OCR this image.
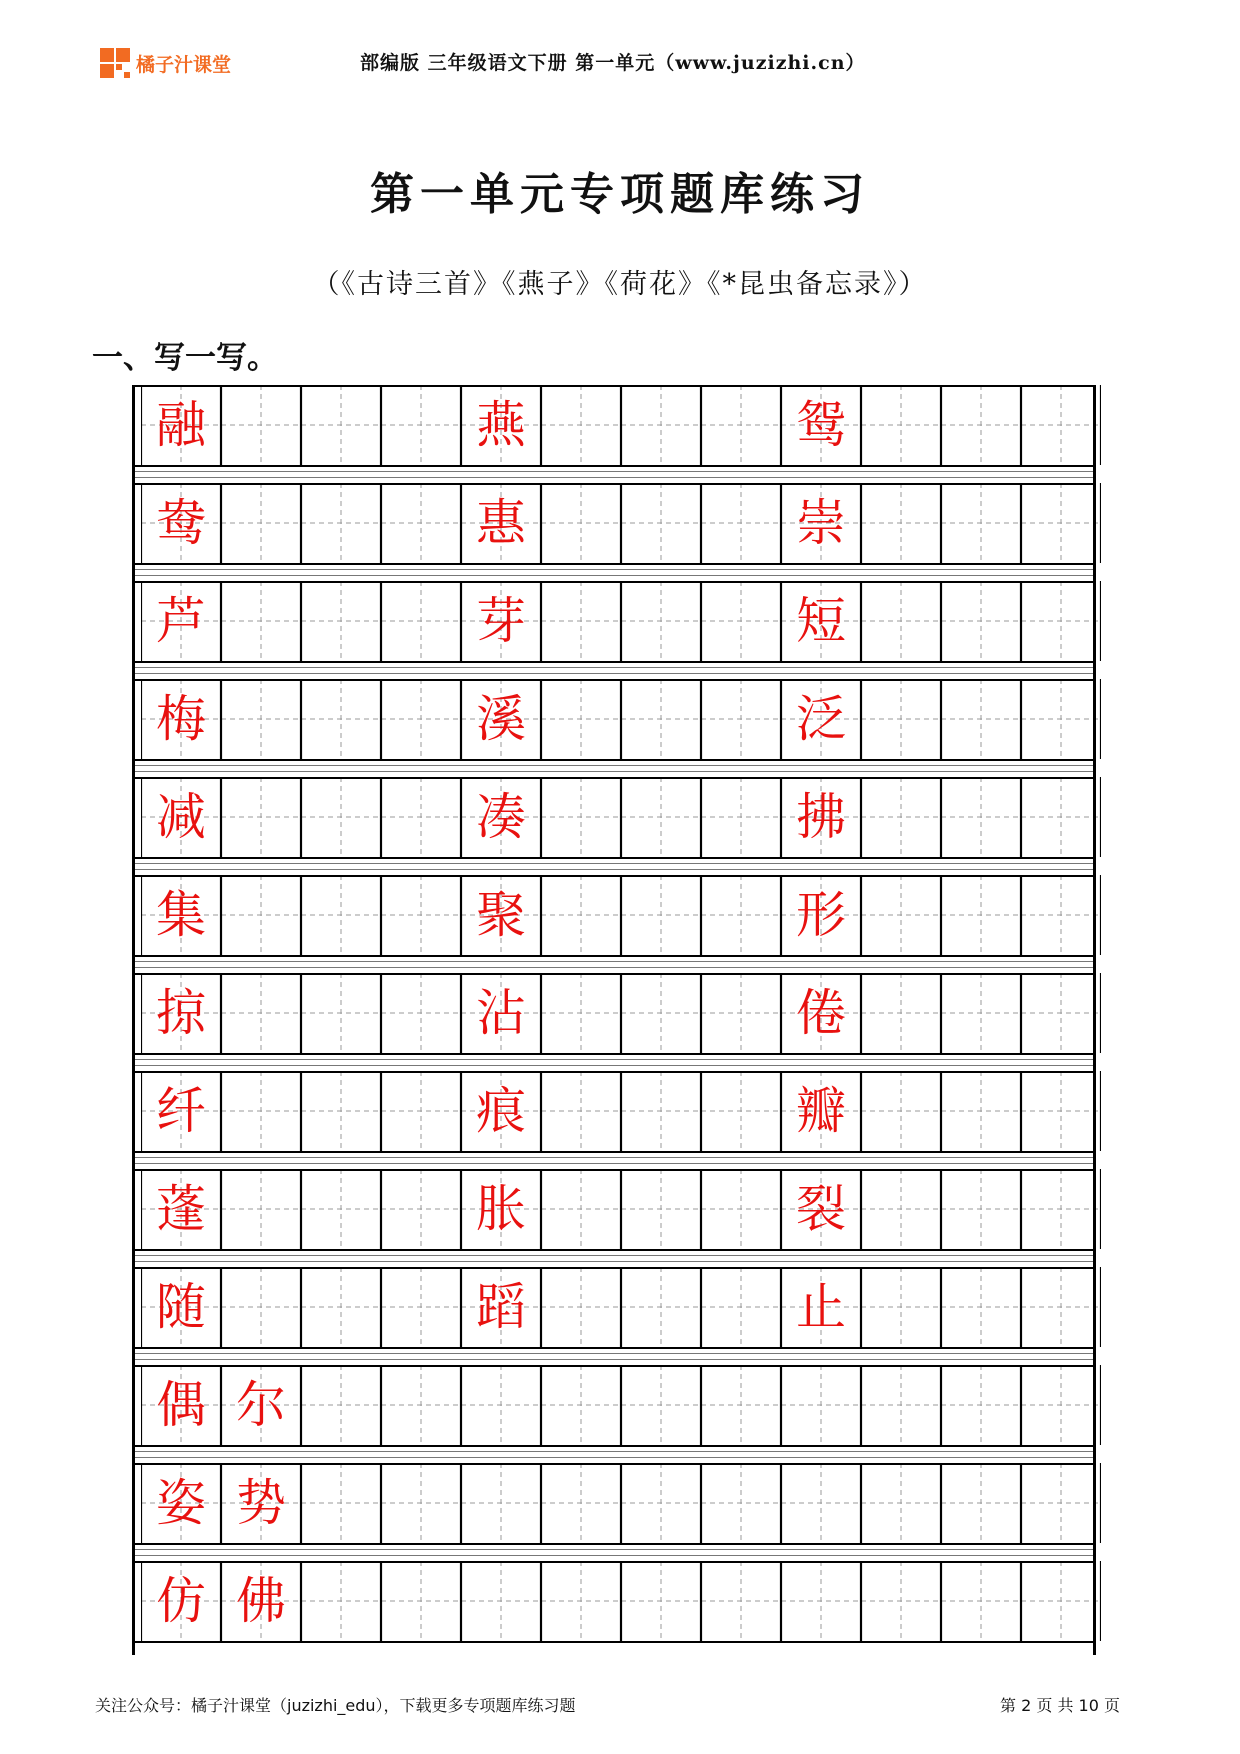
橘子汁课堂	部编版 三年级语文下册 第一单元（www.juzizhi.cn）
第一单元专项题库练习
（《古诗三首》《燕子》《荷花》《*昆虫备忘录》）
一、写一写。
融	燕	鸳
鸯	惠	崇
芦	芽	短
梅	溪	泛
减	凑	拂
集	聚	形
掠	沾	倦
纤	痕	瓣
蓬	胀	裂
随	蹈	止
偶 尔
姿 势
仿 佛
关注公众号：橘子汁课堂（juzizhi_edu），下载更多专项题库练习题	第 2 页 共 10 页
